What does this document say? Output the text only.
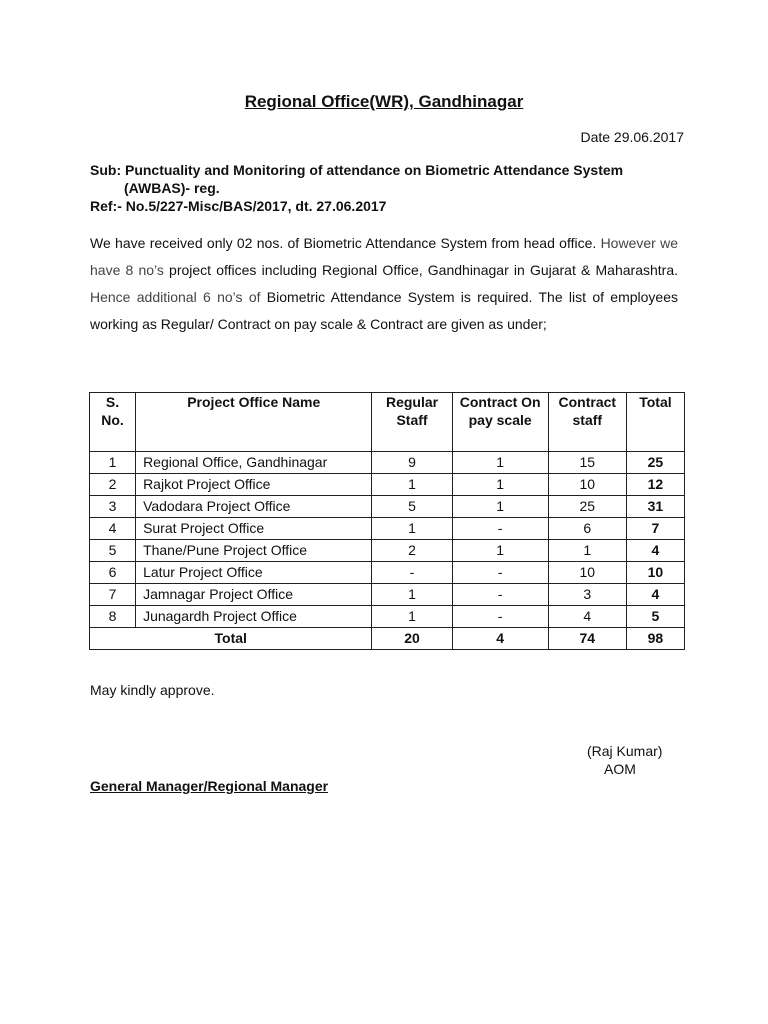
Regional Office(WR), Gandhinagar
Date 29.06.2017
Sub: Punctuality and Monitoring of attendance on Biometric Attendance System
(AWBAS)- reg.
Ref:- No.5/227-Misc/BAS/2017, dt. 27.06.2017
We have received only 02 nos. of Biometric Attendance System from head office. However we have 8 no’s project offices including Regional Office, Gandhinagar in Gujarat & Maharashtra. Hence additional 6 no’s of Biometric Attendance System is required. The list of employees working as Regular/ Contract on pay scale & Contract are given as under;
S. No.	Project Office Name	Regular Staff	Contract On pay scale	Contract staff	Total
1	Regional Office, Gandhinagar	9	1	15	25
2	Rajkot Project Office	1	1	10	12
3	Vadodara Project Office	5	1	25	31
4	Surat Project Office	1	-	6	7
5	Thane/Pune Project Office	2	1	1	4
6	Latur Project Office	-	-	10	10
7	Jamnagar Project Office	1	-	3	4
8	Junagardh Project Office	1	-	4	5
Total		20	4	74	98
May kindly approve.
(Raj Kumar)
AOM
General Manager/Regional Manager
